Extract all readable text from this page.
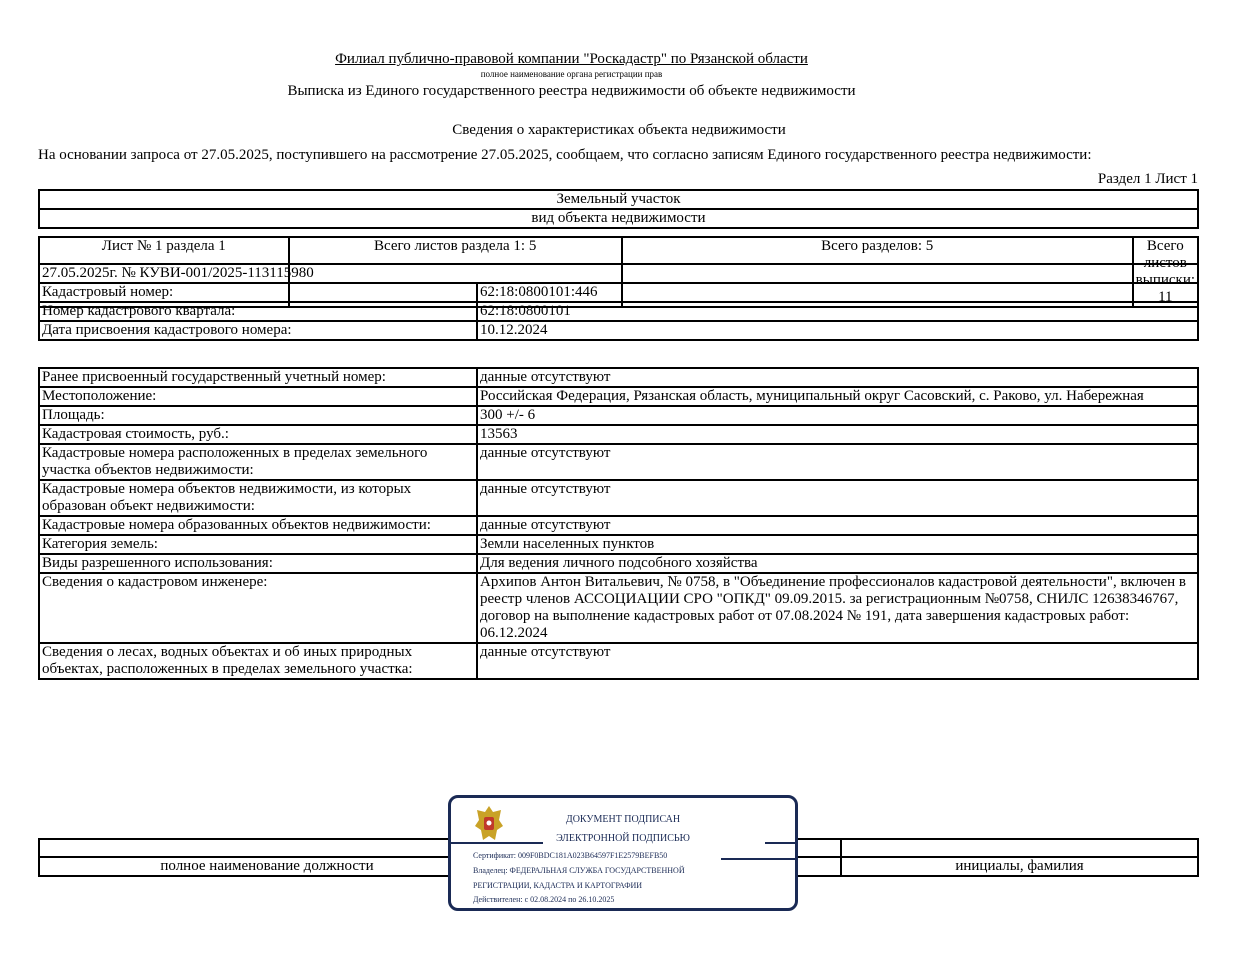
Филиал публично-правовой компании "Роскадастр" по Рязанской области
полное наименование органа регистрации прав
Выписка из Единого государственного реестра недвижимости об объекте недвижимости
Сведения о характеристиках объекта недвижимости
На основании запроса от 27.05.2025, поступившего на рассмотрение 27.05.2025, сообщаем, что согласно записям Единого государственного реестра недвижимости:
Раздел 1 Лист 1
Земельный участок
вид объекта недвижимости
Лист № 1 раздела 1	Всего листов раздела 1: 5	Всего разделов: 5	Всего листов выписки: 11
27.05.2025г. № КУВИ-001/2025-113115980	
Кадастровый номер:	62:18:0800101:446
Номер кадастрового квартала:	62:18:0800101
Дата присвоения кадастрового номера:	10.12.2024
Ранее присвоенный государственный учетный номер:	данные отсутствуют
Местоположение:	Российская Федерация, Рязанская область, муниципальный округ Сасовский, с. Раково, ул. Набережная
Площадь:	300 +/- 6
Кадастровая стоимость, руб.:	13563
Кадастровые номера расположенных в пределах земельного участка объектов недвижимости:	данные отсутствуют
Кадастровые номера объектов недвижимости, из которых образован объект недвижимости:	данные отсутствуют
Кадастровые номера образованных объектов недвижимости:	данные отсутствуют
Категория земель:	Земли населенных пунктов
Виды разрешенного использования:	Для ведения личного подсобного хозяйства
Сведения о кадастровом инженере:	Архипов Антон Витальевич, № 0758, в "Объединение профессионалов кадастровой деятельности", включен в реестр членов АССОЦИАЦИИ СРО "ОПКД" 09.09.2015. за регистрационным №0758, СНИЛС 12638346767, договор на выполнение кадастровых работ от 07.08.2024 № 191, дата завершения кадастровых работ: 06.12.2024
Сведения о лесах, водных объектах и об иных природных объектах, расположенных в пределах земельного участка:	данные отсутствуют

полное наименование должности		инициалы, фамилия
ДОКУМЕНТ ПОДПИСАН
ЭЛЕКТРОННОЙ ПОДПИСЬЮ
Сертификат: 009F0BDC181A023B64597F1E2579BEFB50
Владелец: ФЕДЕРАЛЬНАЯ СЛУЖБА ГОСУДАРСТВЕННОЙ
РЕГИСТРАЦИИ, КАДАСТРА И КАРТОГРАФИИ
Действителен: с 02.08.2024 по 26.10.2025
